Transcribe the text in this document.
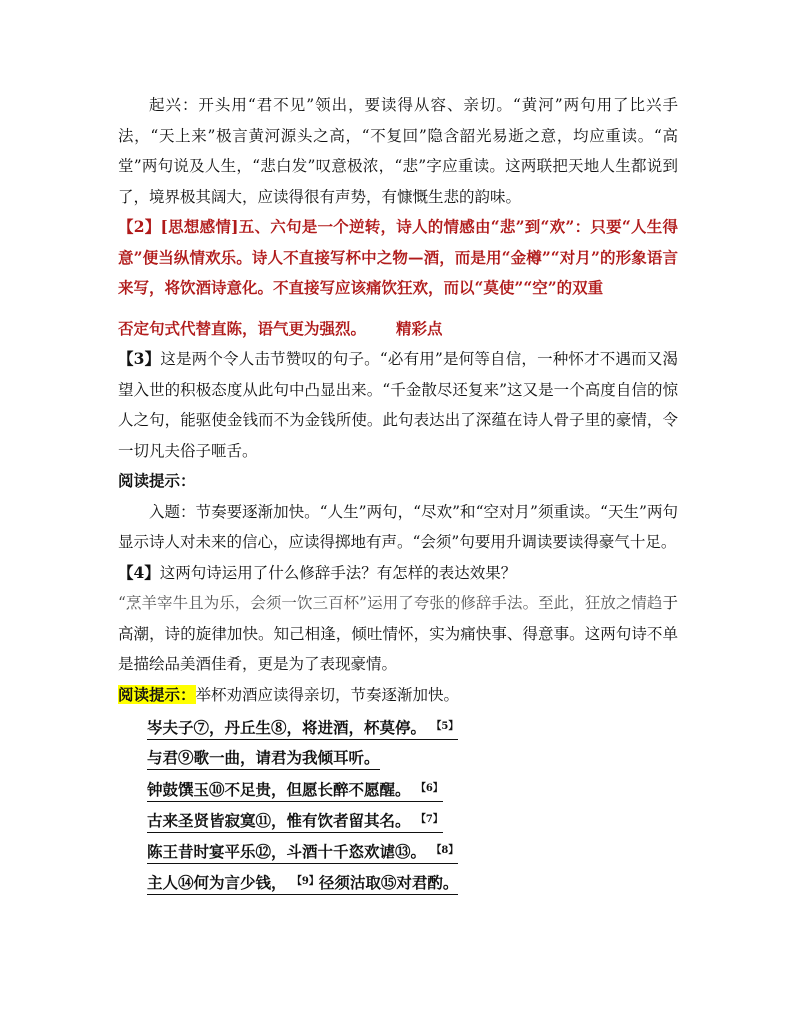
起兴：开头用“君不见”领出，要读得从容、亲切。“黄河”两句用了比兴手法，“天上来”极言黄河源头之高，“不复回”隐含韶光易逝之意，均应重读。“高堂”两句说及人生，“悲白发”叹意极浓，“悲”字应重读。这两联把天地人生都说到了，境界极其阔大，应读得很有声势，有慷慨生悲的韵味。

【2】[思想感情]五、六句是一个逆转，诗人的情感由“悲”到“欢”：只要“人生得意”便当纵情欢乐。诗人不直接写杯中之物—酒，而是用“金樽”“对月”的形象语言来写，将饮酒诗意化。不直接写应该痛饮狂欢，而以“莫使”“空”的双重

否定句式代替直陈，语气更为强烈。 精彩点

【3】这是两个令人击节赞叹的句子。“必有用”是何等自信，一种怀才不遇而又渴望入世的积极态度从此句中凸显出来。“千金散尽还复来”这又是一个高度自信的惊人之句，能驱使金钱而不为金钱所使。此句表达出了深蕴在诗人骨子里的豪情，令一切凡夫俗子咂舌。

阅读提示：

入题：节奏要逐渐加快。“人生”两句，“尽欢”和“空对月”须重读。“天生”两句显示诗人对未来的信心，应读得掷地有声。“会须”句要用升调读要读得豪气十足。

【4】这两句诗运用了什么修辞手法？有怎样的表达效果？

“烹羊宰牛且为乐，会须一饮三百杯”运用了夸张的修辞手法。至此，狂放之情趋于高潮，诗的旋律加快。知己相逢，倾吐情怀，实为痛快事、得意事。这两句诗不单是描绘品美酒佳肴，更是为了表现豪情。

阅读提示：举杯劝酒应读得亲切，节奏逐渐加快。

岑夫子⑦，丹丘生⑧，将进酒，杯莫停。 $^{【5】}$
与君⑨歌一曲，请君为我倾耳听。
钟鼓馔玉⑩不足贵，但愿长醉不愿醒。 $^{【6】}$
古来圣贤皆寂寞⑪，惟有饮者留其名。 $^{【7】}$
陈王昔时宴平乐⑫，斗酒十千恣欢谑⑬。 $^{【8】}$
主人⑭何为言少钱， $^{【9】}$径须沽取⑮对君酌。
